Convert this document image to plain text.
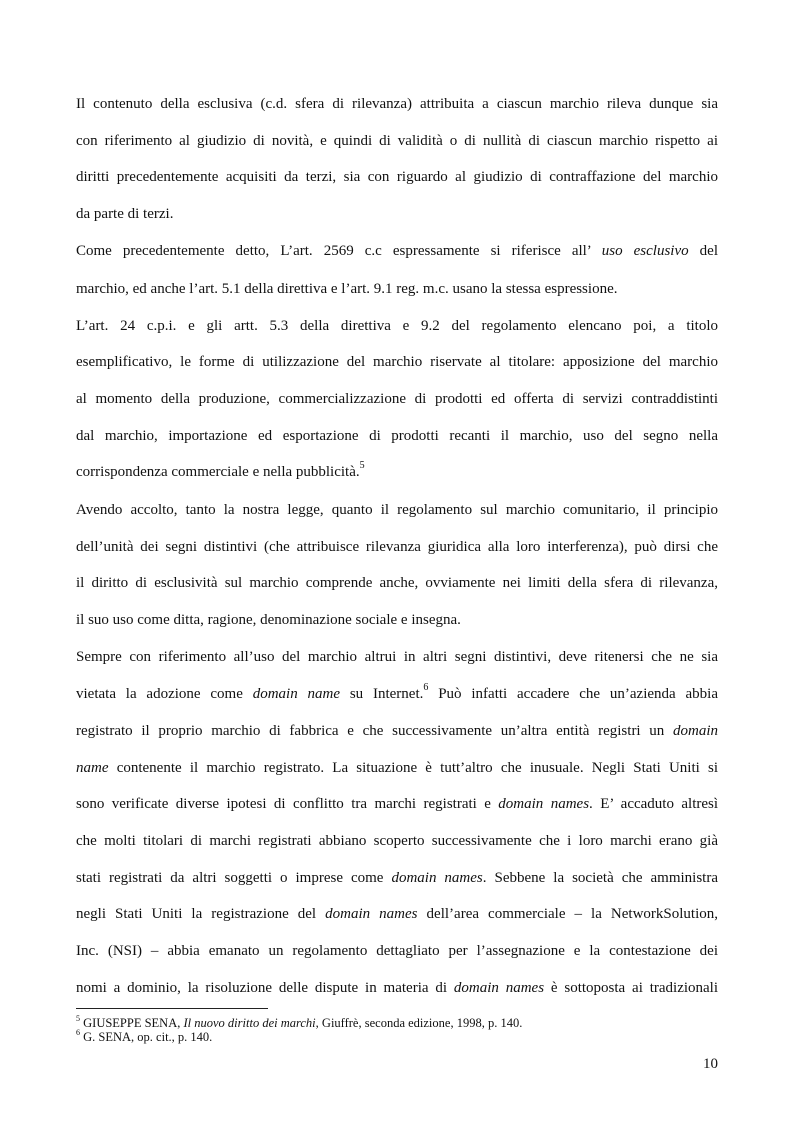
Il contenuto della esclusiva (c.d. sfera di rilevanza) attribuita a ciascun marchio rileva dunque sia
con riferimento al giudizio di novità, e quindi di validità o di nullità di ciascun marchio rispetto ai
diritti precedentemente acquisiti da terzi, sia con riguardo al giudizio di contraffazione del marchio
da parte di terzi.
Come precedentemente detto, L’art. 2569 c.c espressamente si riferisce all’ uso esclusivo del
marchio, ed anche l’art. 5.1 della direttiva e l’art. 9.1 reg. m.c. usano la stessa espressione.
L’art. 24 c.p.i. e gli artt. 5.3 della direttiva e 9.2 del regolamento elencano poi, a titolo
esemplificativo, le forme di utilizzazione del marchio riservate al titolare: apposizione del marchio
al momento della produzione, commercializzazione di prodotti ed offerta di servizi contraddistinti
dal marchio, importazione ed esportazione di prodotti recanti il marchio, uso del segno nella
corrispondenza commerciale e nella pubblicità.$^5$
Avendo accolto, tanto la nostra legge, quanto il regolamento sul marchio comunitario, il principio
dell’unità dei segni distintivi (che attribuisce rilevanza giuridica alla loro interferenza), può dirsi che
il diritto di esclusività sul marchio comprende anche, ovviamente nei limiti della sfera di rilevanza,
il suo uso come ditta, ragione, denominazione sociale e insegna.
Sempre con riferimento all’uso del marchio altrui in altri segni distintivi, deve ritenersi che ne sia
vietata la adozione come domain name su Internet.$^6$ Può infatti accadere che un’azienda abbia
registrato il proprio marchio di fabbrica e che successivamente un’altra entità registri un domain
name contenente il marchio registrato. La situazione è tutt’altro che inusuale. Negli Stati Uniti si
sono verificate diverse ipotesi di conflitto tra marchi registrati e domain names. E’ accaduto altresì
che molti titolari di marchi registrati abbiano scoperto successivamente che i loro marchi erano già
stati registrati da altri soggetti o imprese come domain names. Sebbene la società che amministra
negli Stati Uniti la registrazione del domain names dell’area commerciale – la NetworkSolution,
Inc. (NSI) – abbia emanato un regolamento dettagliato per l’assegnazione e la contestazione dei
nomi a dominio, la risoluzione delle dispute in materia di domain names è sottoposta ai tradizionali
$^5$ GIUSEPPE SENA, Il nuovo diritto dei marchi, Giuffrè, seconda edizione, 1998, p. 140.
$^6$ G. SENA, op. cit., p. 140.
10
